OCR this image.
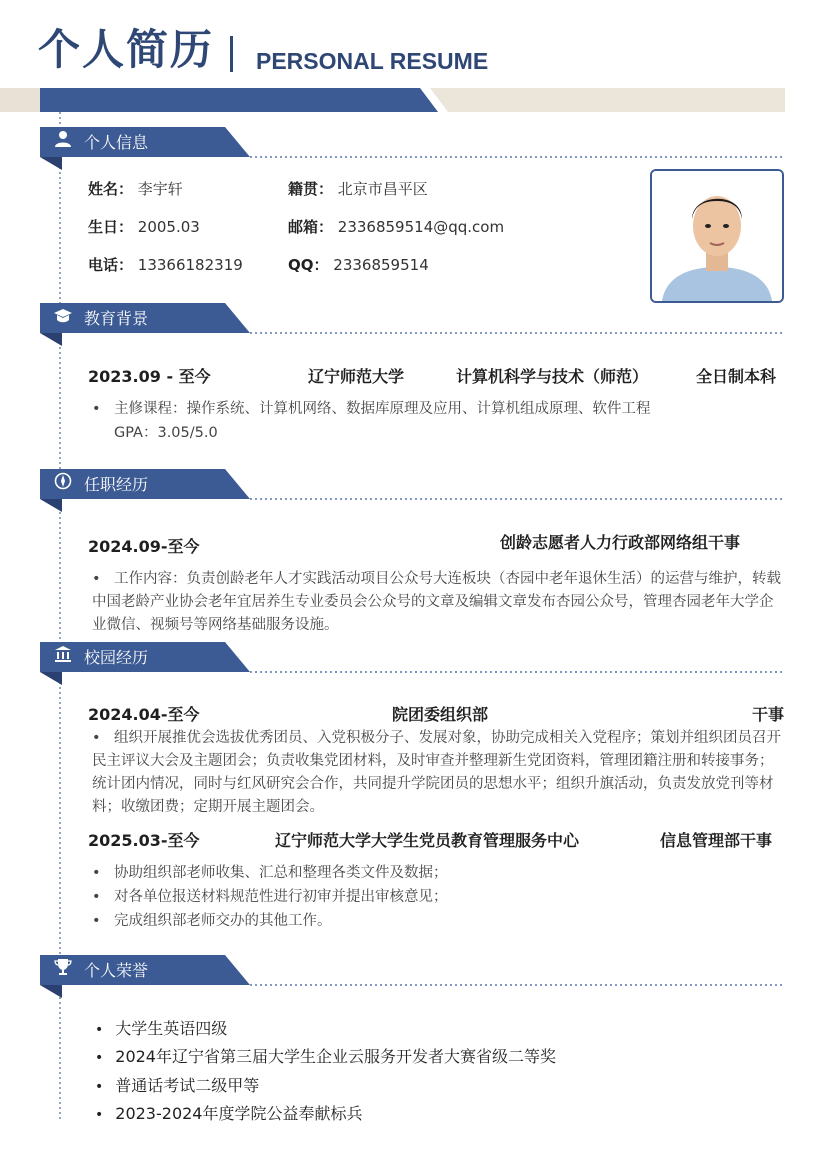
个人简历 PERSONAL RESUME
个人信息
教育背景
任职经历
校园经历
个人荣誉
姓名： 李宇轩	籍贯： 北京市昌平区
生日： 2005.03	邮箱： 2336859514@qq.com
电话： 13366182319	QQ： 2336859514
2023.09 - 至今	辽宁师范大学	计算机科学与技术（师范）	全日制本科
• 主修课程：操作系统、计算机网络、数据库原理及应用、计算机组成原理、软件工程
GPA：3.05/5.0
2024.09-至今	创龄志愿者人力行政部网络组干事
• 工作内容：负责创龄老年人才实践活动项目公众号大连板块（杏园中老年退休生活）的运营与维护，转载中国老龄产业协会老年宜居养生专业委员会公众号的文章及编辑文章发布杏园公众号，管理杏园老年大学企业微信、视频号等网络基础服务设施。
2024.04-至今	院团委组织部	干事
• 组织开展推优会选拔优秀团员、入党积极分子、发展对象，协助完成相关入党程序；策划并组织团员召开民主评议大会及主题团会；负责收集党团材料，及时审查并整理新生党团资料，管理团籍注册和转接事务；统计团内情况，同时与红风研究会合作，共同提升学院团员的思想水平；组织升旗活动，负责发放党刊等材料；收缴团费；定期开展主题团会。
2025.03-至今	辽宁师范大学大学生党员教育管理服务中心	信息管理部干事
• 协助组织部老师收集、汇总和整理各类文件及数据；
• 对各单位报送材料规范性进行初审并提出审核意见；
• 完成组织部老师交办的其他工作。
• 大学生英语四级
• 2024年辽宁省第三届大学生企业云服务开发者大赛省级二等奖
• 普通话考试二级甲等
• 2023-2024年度学院公益奉献标兵
